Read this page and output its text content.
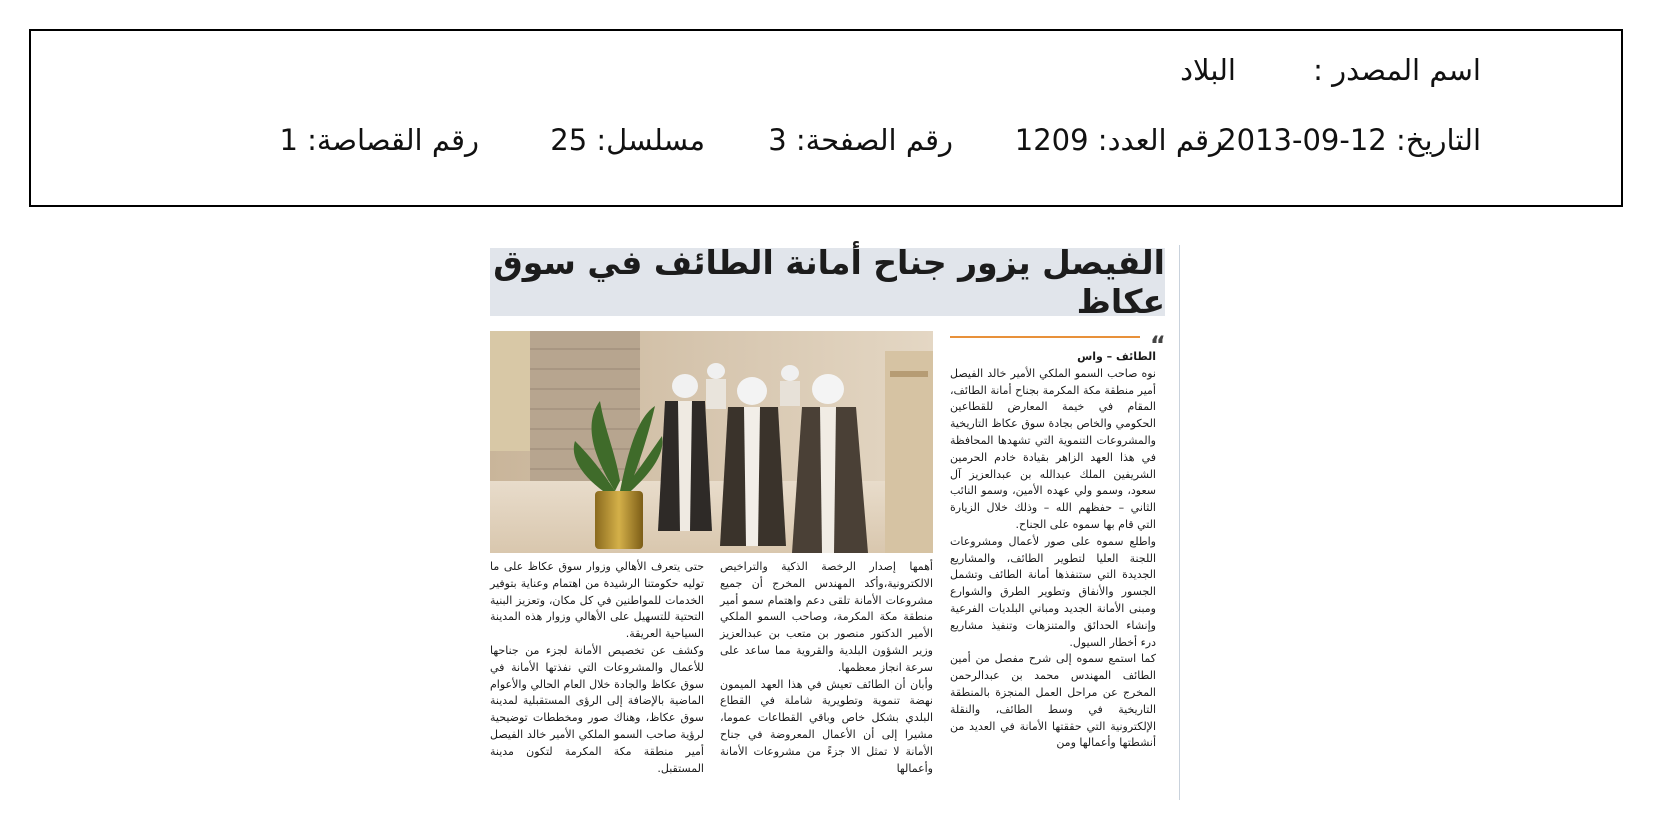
اسم المصدر :
البلاد
التاريخ: 12-09-2013
رقم العدد: 1209
رقم الصفحة: 3
مسلسل: 25
رقم القصاصة: 1
الفيصل يزور جناح أمانة الطائف في سوق عكاظ
“

الطائف – واس

نوه صاحب السمو الملكي الأمير خالد الفيصل أمير منطقة مكة المكرمة بجناح أمانة الطائف، المقام في خيمة المعارض للقطاعين الحكومي والخاص بجادة سوق عكاظ التاريخية والمشروعات التنموية التي تشهدها المحافظة في هذا العهد الزاهر بقيادة خادم الحرمين الشريفين الملك عبدالله بن عبدالعزيز آل سعود، وسمو ولي عهده الأمين، وسمو النائب الثاني – حفظهم الله – وذلك خلال الزيارة التي قام بها سموه على الجناح.

واطلع سموه على صور لأعمال ومشروعات اللجنة العليا لتطوير الطائف، والمشاريع الجديدة التي ستنفذها أمانة الطائف وتشمل الجسور والأنفاق وتطوير الطرق والشوارع ومبنى الأمانة الجديد ومباني البلديات الفرعية وإنشاء الحدائق والمتنزهات وتنفيذ مشاريع درء أخطار السيول.

كما استمع سموه إلى شرح مفصل من أمين الطائف المهندس محمد بن عبدالرحمن المخرج عن مراحل العمل المنجزة بالمنطقة التاريخية في وسط الطائف، والنقلة الإلكترونية التي حققتها الأمانة في العديد من أنشطتها وأعمالها ومن

أهمها إصدار الرخصة الذكية والتراخيص الالكترونية،وأكد المهندس المخرج أن جميع مشروعات الأمانة تلقى دعم واهتمام سمو أمير منطقة مكة المكرمة، وصاحب السمو الملكي الأمير الدكتور منصور بن متعب بن عبدالعزيز وزير الشؤون البلدية والقروية مما ساعد على سرعة انجاز معظمها.

وأبان أن الطائف تعيش في هذا العهد الميمون نهضة تنموية وتطويرية شاملة في القطاع البلدي بشكل خاص وباقي القطاعات عموما، مشيرا إلى أن الأعمال المعروضة في جناح الأمانة لا تمثل الا جزءً من مشروعات الأمانة وأعمالها

حتى يتعرف الأهالي وزوار سوق عكاظ على ما توليه حكومتنا الرشيدة من اهتمام وعناية بتوفير الخدمات للمواطنين في كل مكان، وتعزيز البنية التحتية للتسهيل على الأهالي وزوار هذه المدينة السياحية العريقة.

وكشف عن تخصيص الأمانة لجزء من جناحها للأعمال والمشروعات التي نفذتها الأمانة في سوق عكاظ والجادة خلال العام الحالي والأعوام الماضية بالإضافة إلى الرؤى المستقبلية لمدينة سوق عكاظ، وهناك صور ومخططات توضيحية لرؤية صاحب السمو الملكي الأمير خالد الفيصل أمير منطقة مكة المكرمة لتكون مدينة المستقبل.
